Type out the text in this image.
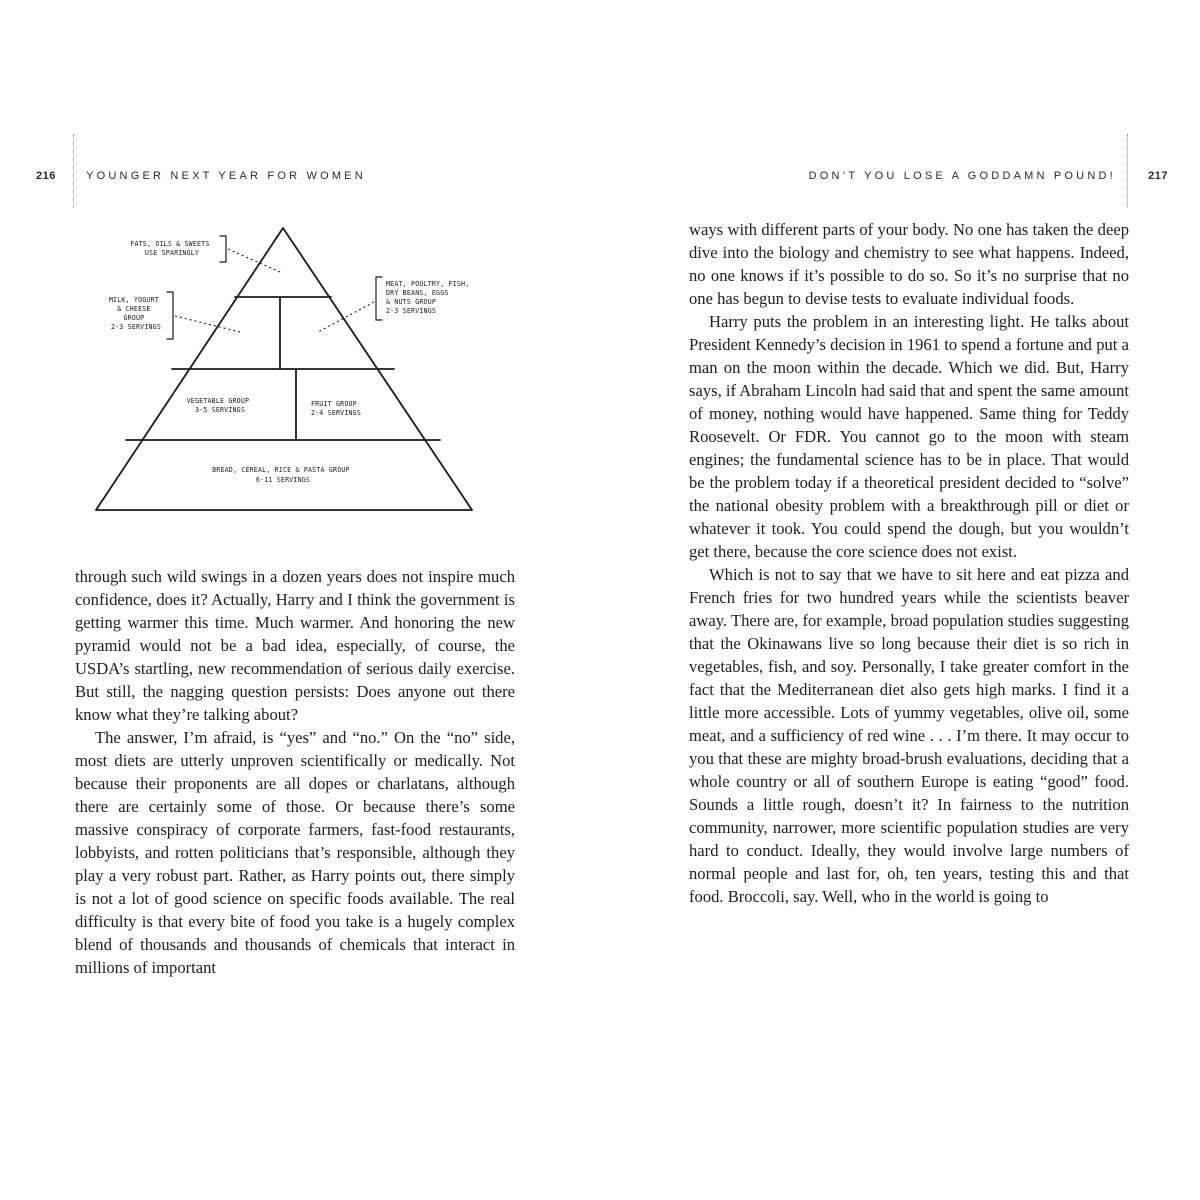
216	YOUNGER NEXT YEAR FOR WOMEN
FATS, OILS & SWEETS USE SPARINGLY
MILK, YOGURT & CHEESE GROUP 2-3 SERVINGS
MEAT, POULTRY, FISH, DRY BEANS, EGGS & NUTS GROUP 2-3 SERVINGS
VEGETABLE GROUP 3-5 SERVINGS
FRUIT GROUP 2-4 SERVINGS
BREAD, CEREAL, RICE & PASTA GROUP 6-11 SERVINGS

through such wild swings in a dozen years does not inspire much confidence, does it? Actually, Harry and I think the government is getting warmer this time. Much warmer. And honoring the new pyramid would not be a bad idea, especially, of course, the USDA’s startling, new recommendation of serious daily exercise. But still, the nagging question persists: Does anyone out there know what they’re talking about?

The answer, I’m afraid, is “yes” and “no.” On the “no” side, most diets are utterly unproven scientifically or medically. Not because their proponents are all dopes or charlatans, although there are certainly some of those. Or because there’s some massive conspiracy of corporate farmers, fast-food restaurants, lobbyists, and rotten politicians that’s responsible, although they play a very robust part. Rather, as Harry points out, there simply is not a lot of good science on specific foods available. The real difficulty is that every bite of food you take is a hugely complex blend of thousands and thousands of chemicals that interact in millions of important

DON’T YOU LOSE A GODDAMN POUND!	217

ways with different parts of your body. No one has taken the deep dive into the biology and chemistry to see what happens. Indeed, no one knows if it’s possible to do so. So it’s no surprise that no one has begun to devise tests to evaluate individual foods.

Harry puts the problem in an interesting light. He talks about President Kennedy’s decision in 1961 to spend a fortune and put a man on the moon within the decade. Which we did. But, Harry says, if Abraham Lincoln had said that and spent the same amount of money, nothing would have happened. Same thing for Teddy Roosevelt. Or FDR. You cannot go to the moon with steam engines; the fundamental science has to be in place. That would be the problem today if a theoretical president decided to “solve” the national obesity problem with a breakthrough pill or diet or whatever it took. You could spend the dough, but you wouldn’t get there, because the core science does not exist.

Which is not to say that we have to sit here and eat pizza and French fries for two hundred years while the scientists beaver away. There are, for example, broad population studies suggesting that the Okinawans live so long because their diet is so rich in vegetables, fish, and soy. Personally, I take greater comfort in the fact that the Mediterranean diet also gets high marks. I find it a little more accessible. Lots of yummy vegetables, olive oil, some meat, and a sufficiency of red wine . . . I’m there. It may occur to you that these are mighty broad-brush evaluations, deciding that a whole country or all of southern Europe is eating “good” food. Sounds a little rough, doesn’t it? In fairness to the nutrition community, narrower, more scientific population studies are very hard to conduct. Ideally, they would involve large numbers of normal people and last for, oh, ten years, testing this and that food. Broccoli, say. Well, who in the world is going to
